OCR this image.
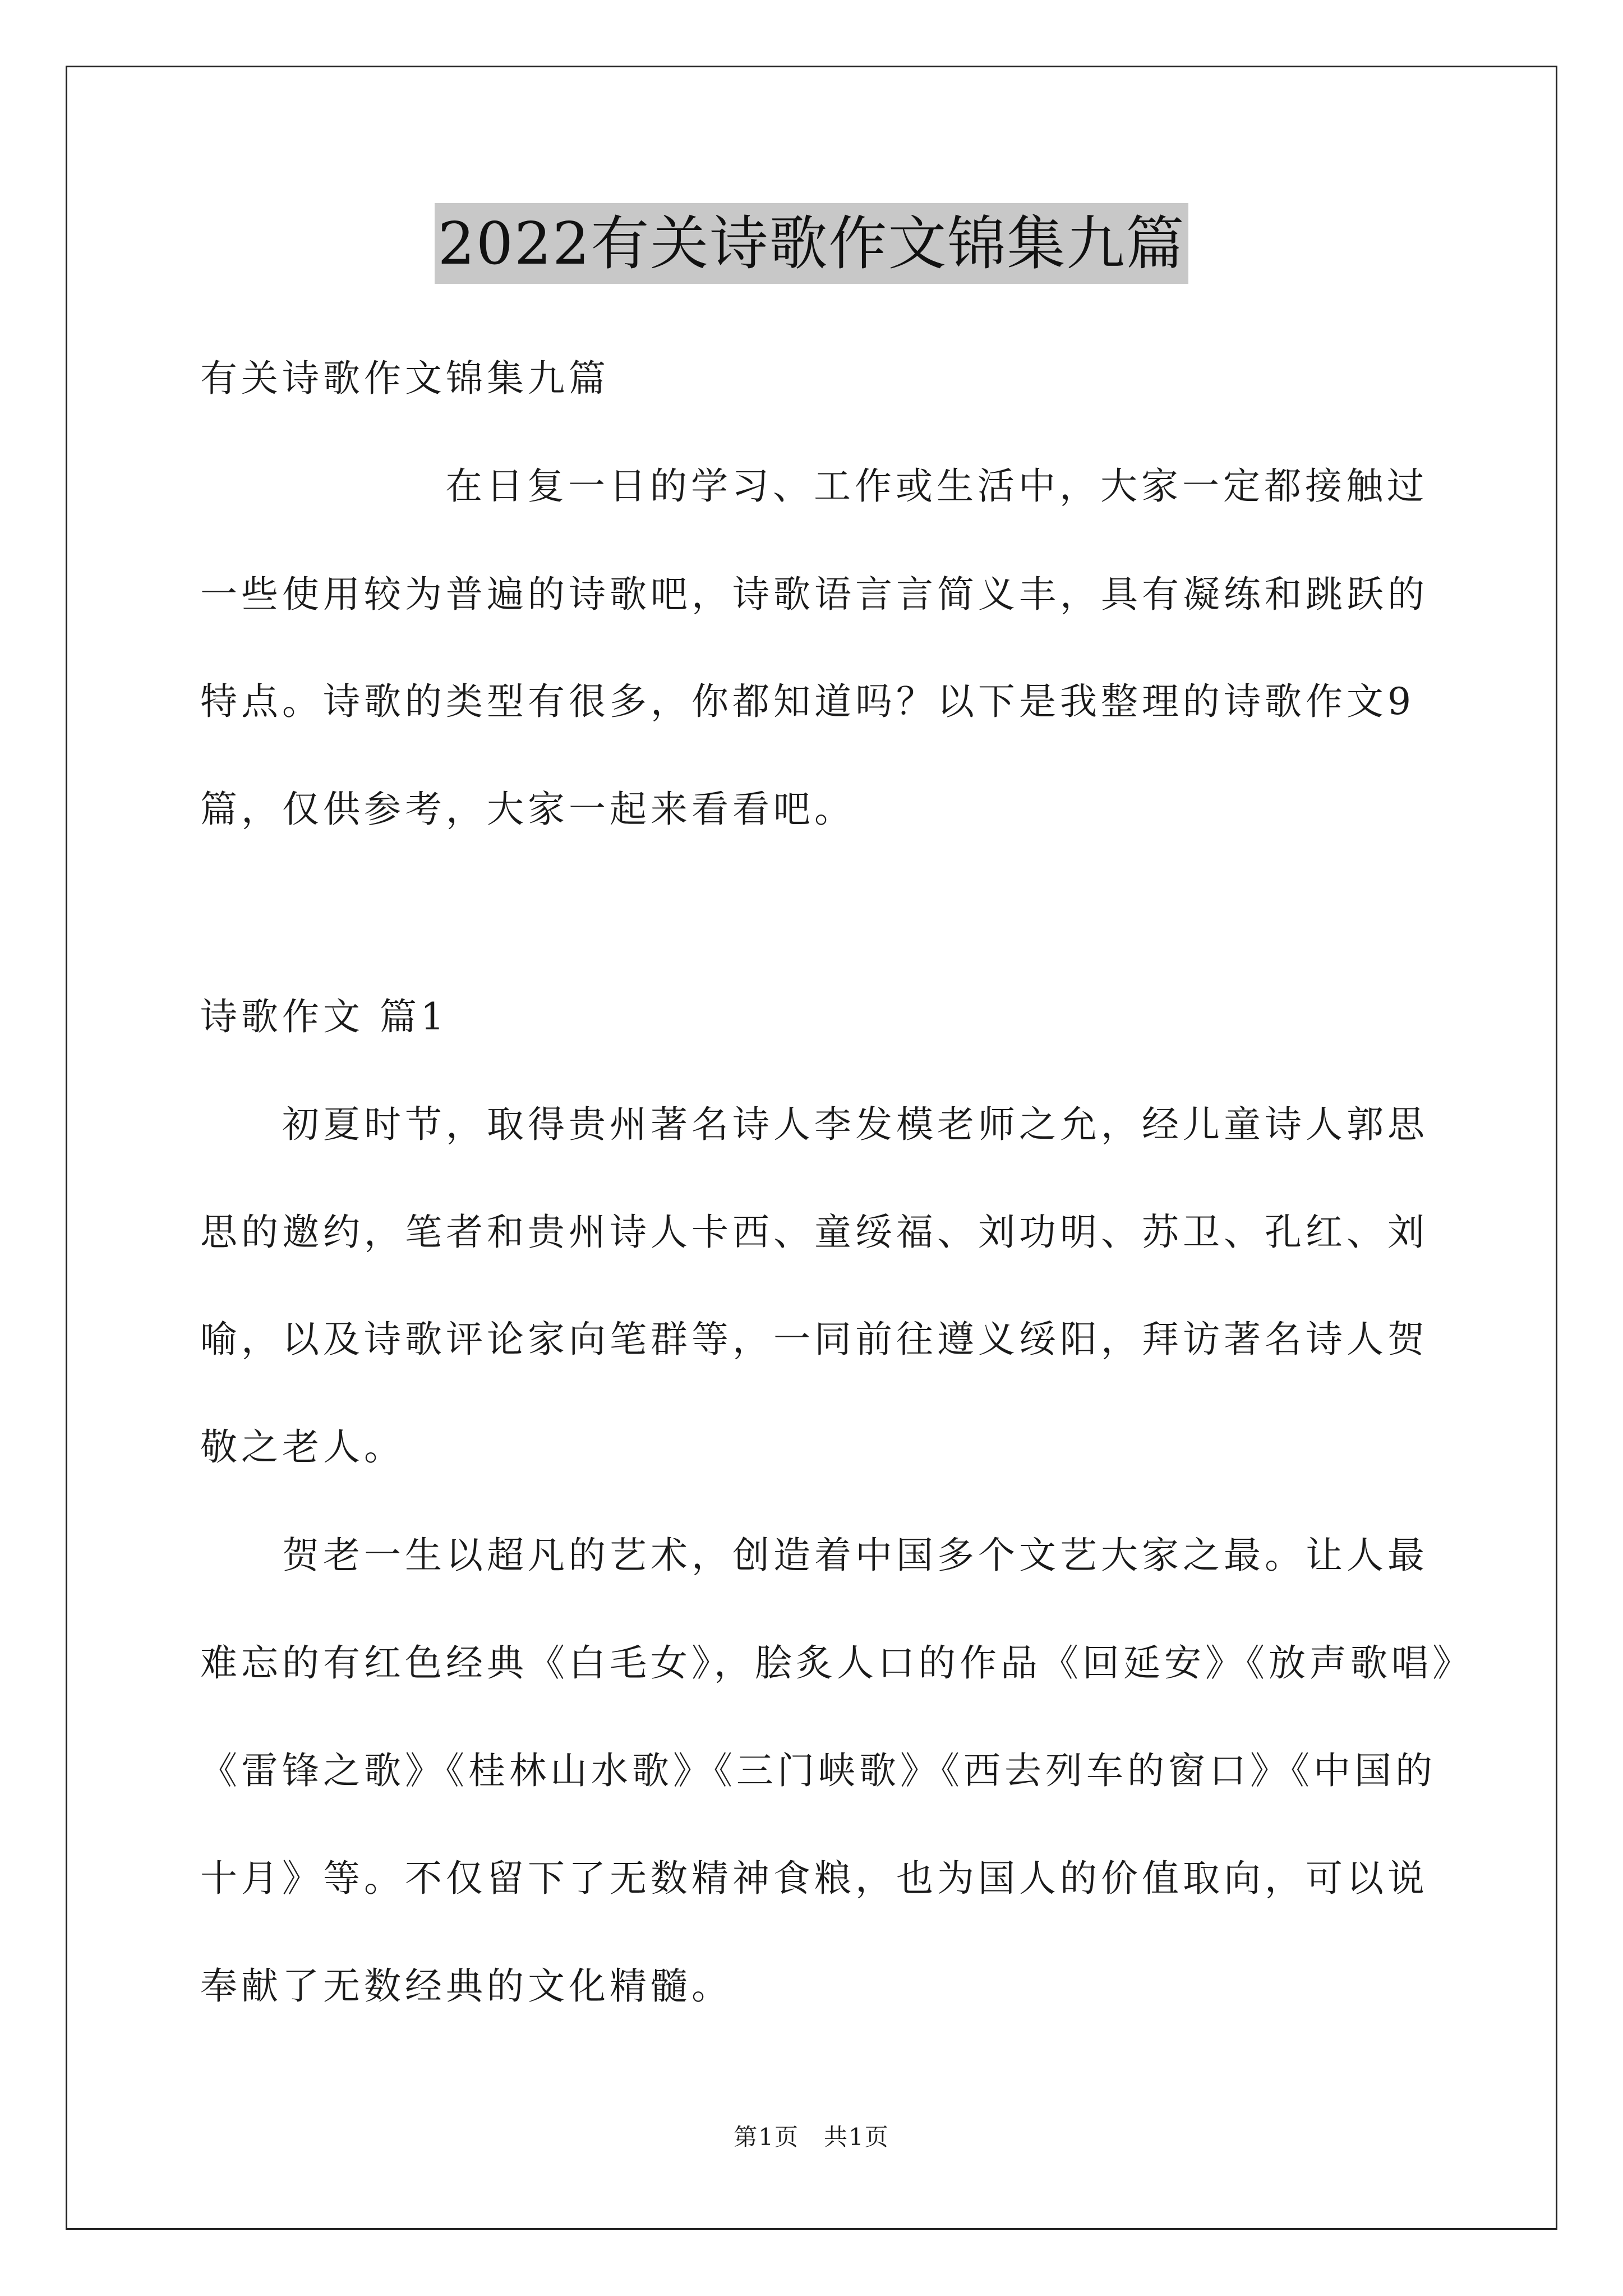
2022有关诗歌作文锦集九篇
有关诗歌作文锦集九篇
在日复一日的学习、工作或生活中，大家一定都接触过
一些使用较为普遍的诗歌吧，诗歌语言言简义丰，具有凝练和跳跃的
特点。诗歌的类型有很多，你都知道吗？以下是我整理的诗歌作文9
篇，仅供参考，大家一起来看看吧。
诗歌作文 篇1
初夏时节，取得贵州著名诗人李发模老师之允，经儿童诗人郭思
思的邀约，笔者和贵州诗人卡西、童绥福、刘功明、苏卫、孔红、刘
喻，以及诗歌评论家向笔群等，一同前往遵义绥阳，拜访著名诗人贺
敬之老人。
贺老一生以超凡的艺术，创造着中国多个文艺大家之最。让人最
难忘的有红色经典《白毛女》，脍炙人口的作品《回延安》《放声歌唱》
《雷锋之歌》《桂林山水歌》《三门峡歌》《西去列车的窗口》《中国的
十月》等。不仅留下了无数精神食粮，也为国人的价值取向，可以说
奉献了无数经典的文化精髓。
第1页　共1页
